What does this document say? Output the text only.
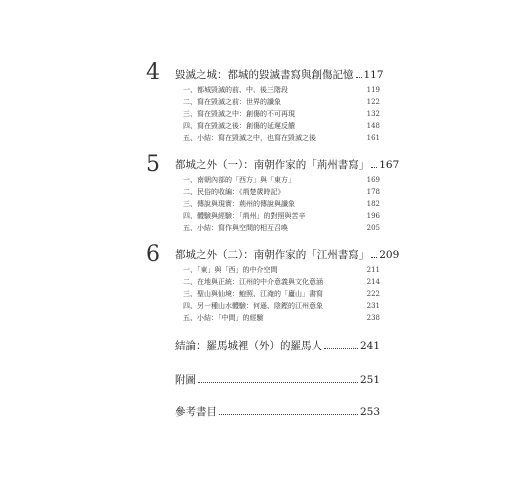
4 毀滅之城：都城的毀滅書寫與創傷記憶 117
一、都城毀滅的前、中、後三階段	119
二、寫在毀滅之前：世界的讖象	122
三、寫在毀滅之中：創傷的不可再現	132
四、寫在毀滅之後：創傷的延遲反饋	148
五、小結：寫在毀滅之中，也寫在毀滅之後	161
5 都城之外（一）：南朝作家的「荊州書寫」 167
一、南朝內部的「西方」與「東方」	169
二、民俗的收編：《荊楚歲時記》	178
三、傳說與現實：荊州的傳說與讖象	182
四、體驗與經驗：「荊州」的對照與苦辛	196
五、小結：寫作與空間的相互召喚	205
6 都城之外（二）：南朝作家的「江州書寫」 209
一、「東」與「西」的中介空間	211
二、在地與正統：江州的中介意義與文化意涵	214
三、聖山與仙境：鮑照、江淹的「廬山」書寫	222
四、另一種山水體驗：何遜、陰鏗的江州意象	231
五、小結：「中間」的經驗	238
結論：羅馬城裡（外）的羅馬人	241
附圖	251
參考書目	253
